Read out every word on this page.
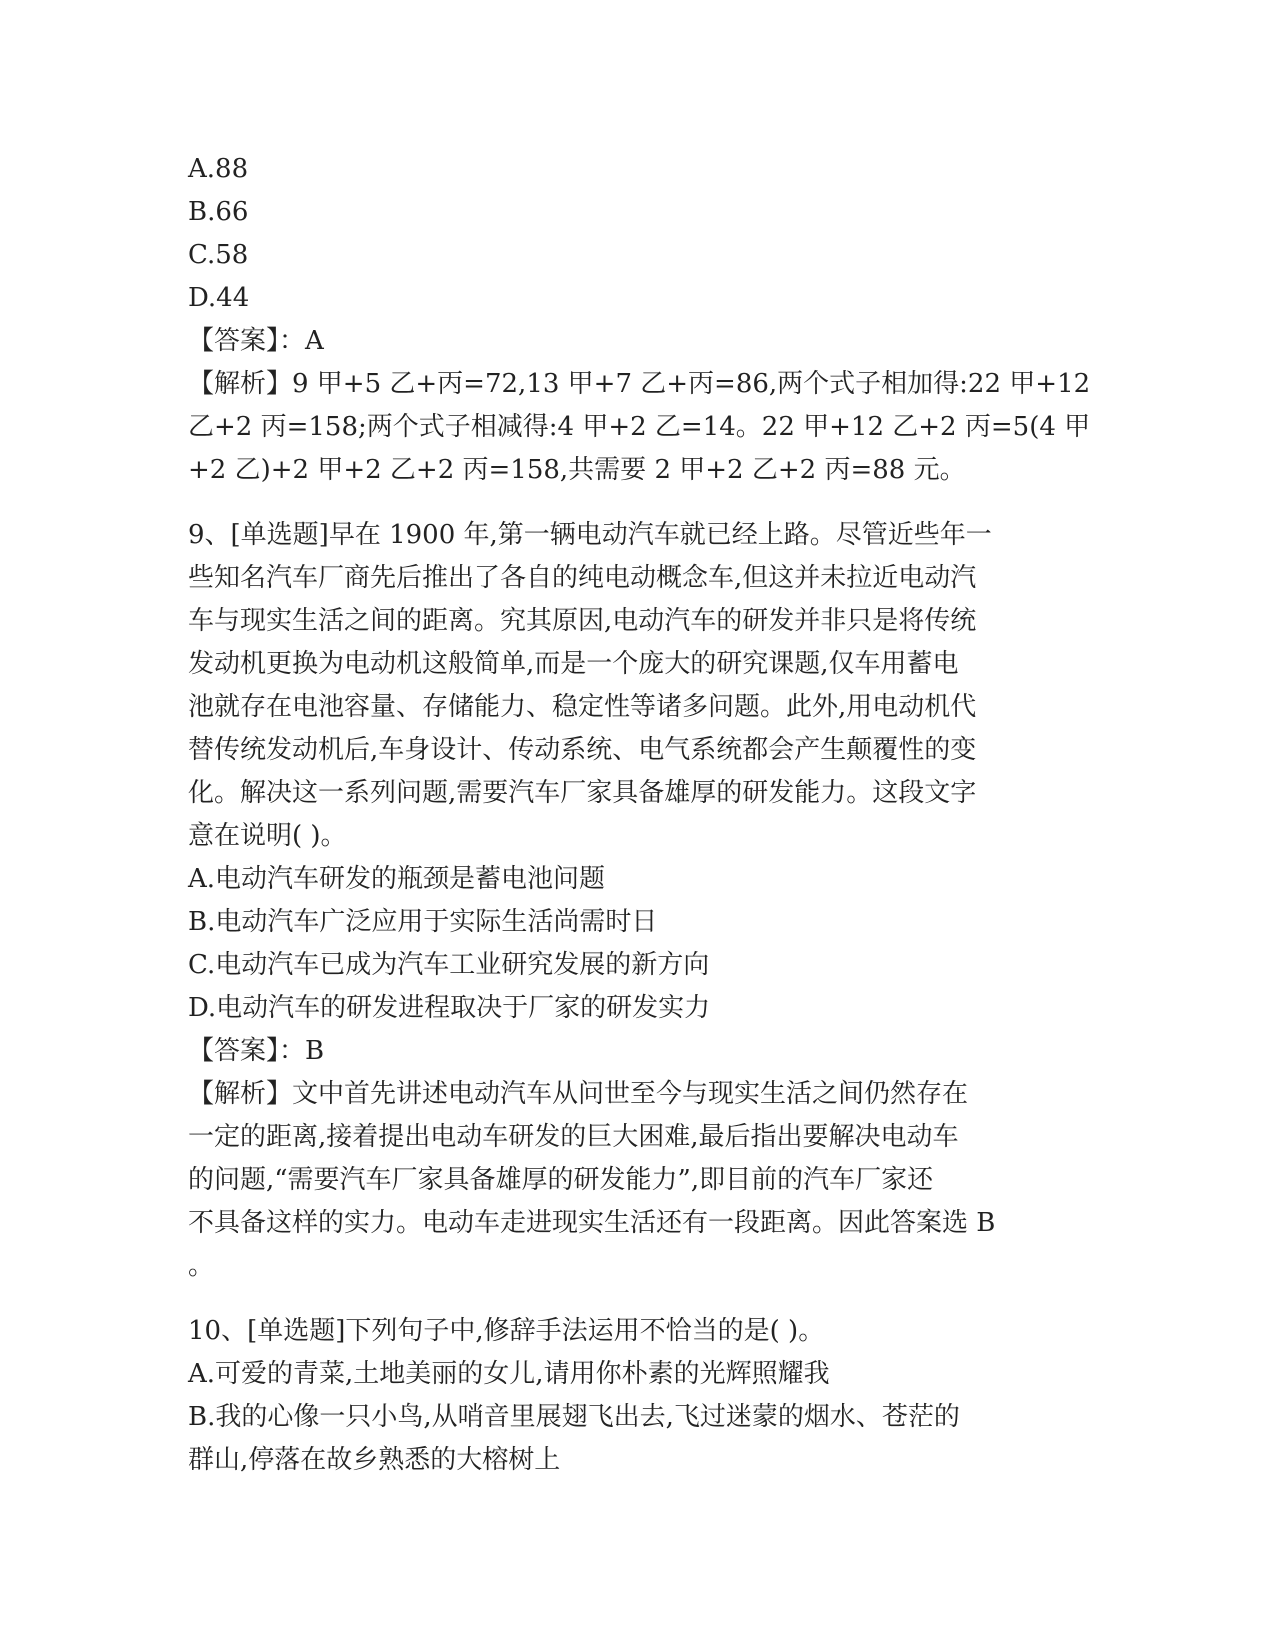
A.88
B.66
C.58
D.44
【答案】：A
【解析】9 甲+5 乙+丙=72,13 甲+7 乙+丙=86,两个式子相加得:22 甲+12
乙+2 丙=158;两个式子相减得:4 甲+2 乙=14。22 甲+12 乙+2 丙=5(4 甲
+2 乙)+2 甲+2 乙+2 丙=158,共需要 2 甲+2 乙+2 丙=88 元。
9、[单选题]早在 1900 年,第一辆电动汽车就已经上路。尽管近些年一
些知名汽车厂商先后推出了各自的纯电动概念车,但这并未拉近电动汽
车与现实生活之间的距离。究其原因,电动汽车的研发并非只是将传统
发动机更换为电动机这般简单,而是一个庞大的研究课题,仅车用蓄电
池就存在电池容量、存储能力、稳定性等诸多问题。此外,用电动机代
替传统发动机后,车身设计、传动系统、电气系统都会产生颠覆性的变
化。解决这一系列问题,需要汽车厂家具备雄厚的研发能力。这段文字
意在说明( )。
A.电动汽车研发的瓶颈是蓄电池问题
B.电动汽车广泛应用于实际生活尚需时日
C.电动汽车已成为汽车工业研究发展的新方向
D.电动汽车的研发进程取决于厂家的研发实力
【答案】：B
【解析】文中首先讲述电动汽车从问世至今与现实生活之间仍然存在
一定的距离,接着提出电动车研发的巨大困难,最后指出要解决电动车
的问题,“需要汽车厂家具备雄厚的研发能力”,即目前的汽车厂家还
不具备这样的实力。电动车走进现实生活还有一段距离。因此答案选 B
。
10、[单选题]下列句子中,修辞手法运用不恰当的是( )。
A.可爱的青菜,土地美丽的女儿,请用你朴素的光辉照耀我
B.我的心像一只小鸟,从哨音里展翅飞出去,飞过迷蒙的烟水、苍茫的
群山,停落在故乡熟悉的大榕树上
